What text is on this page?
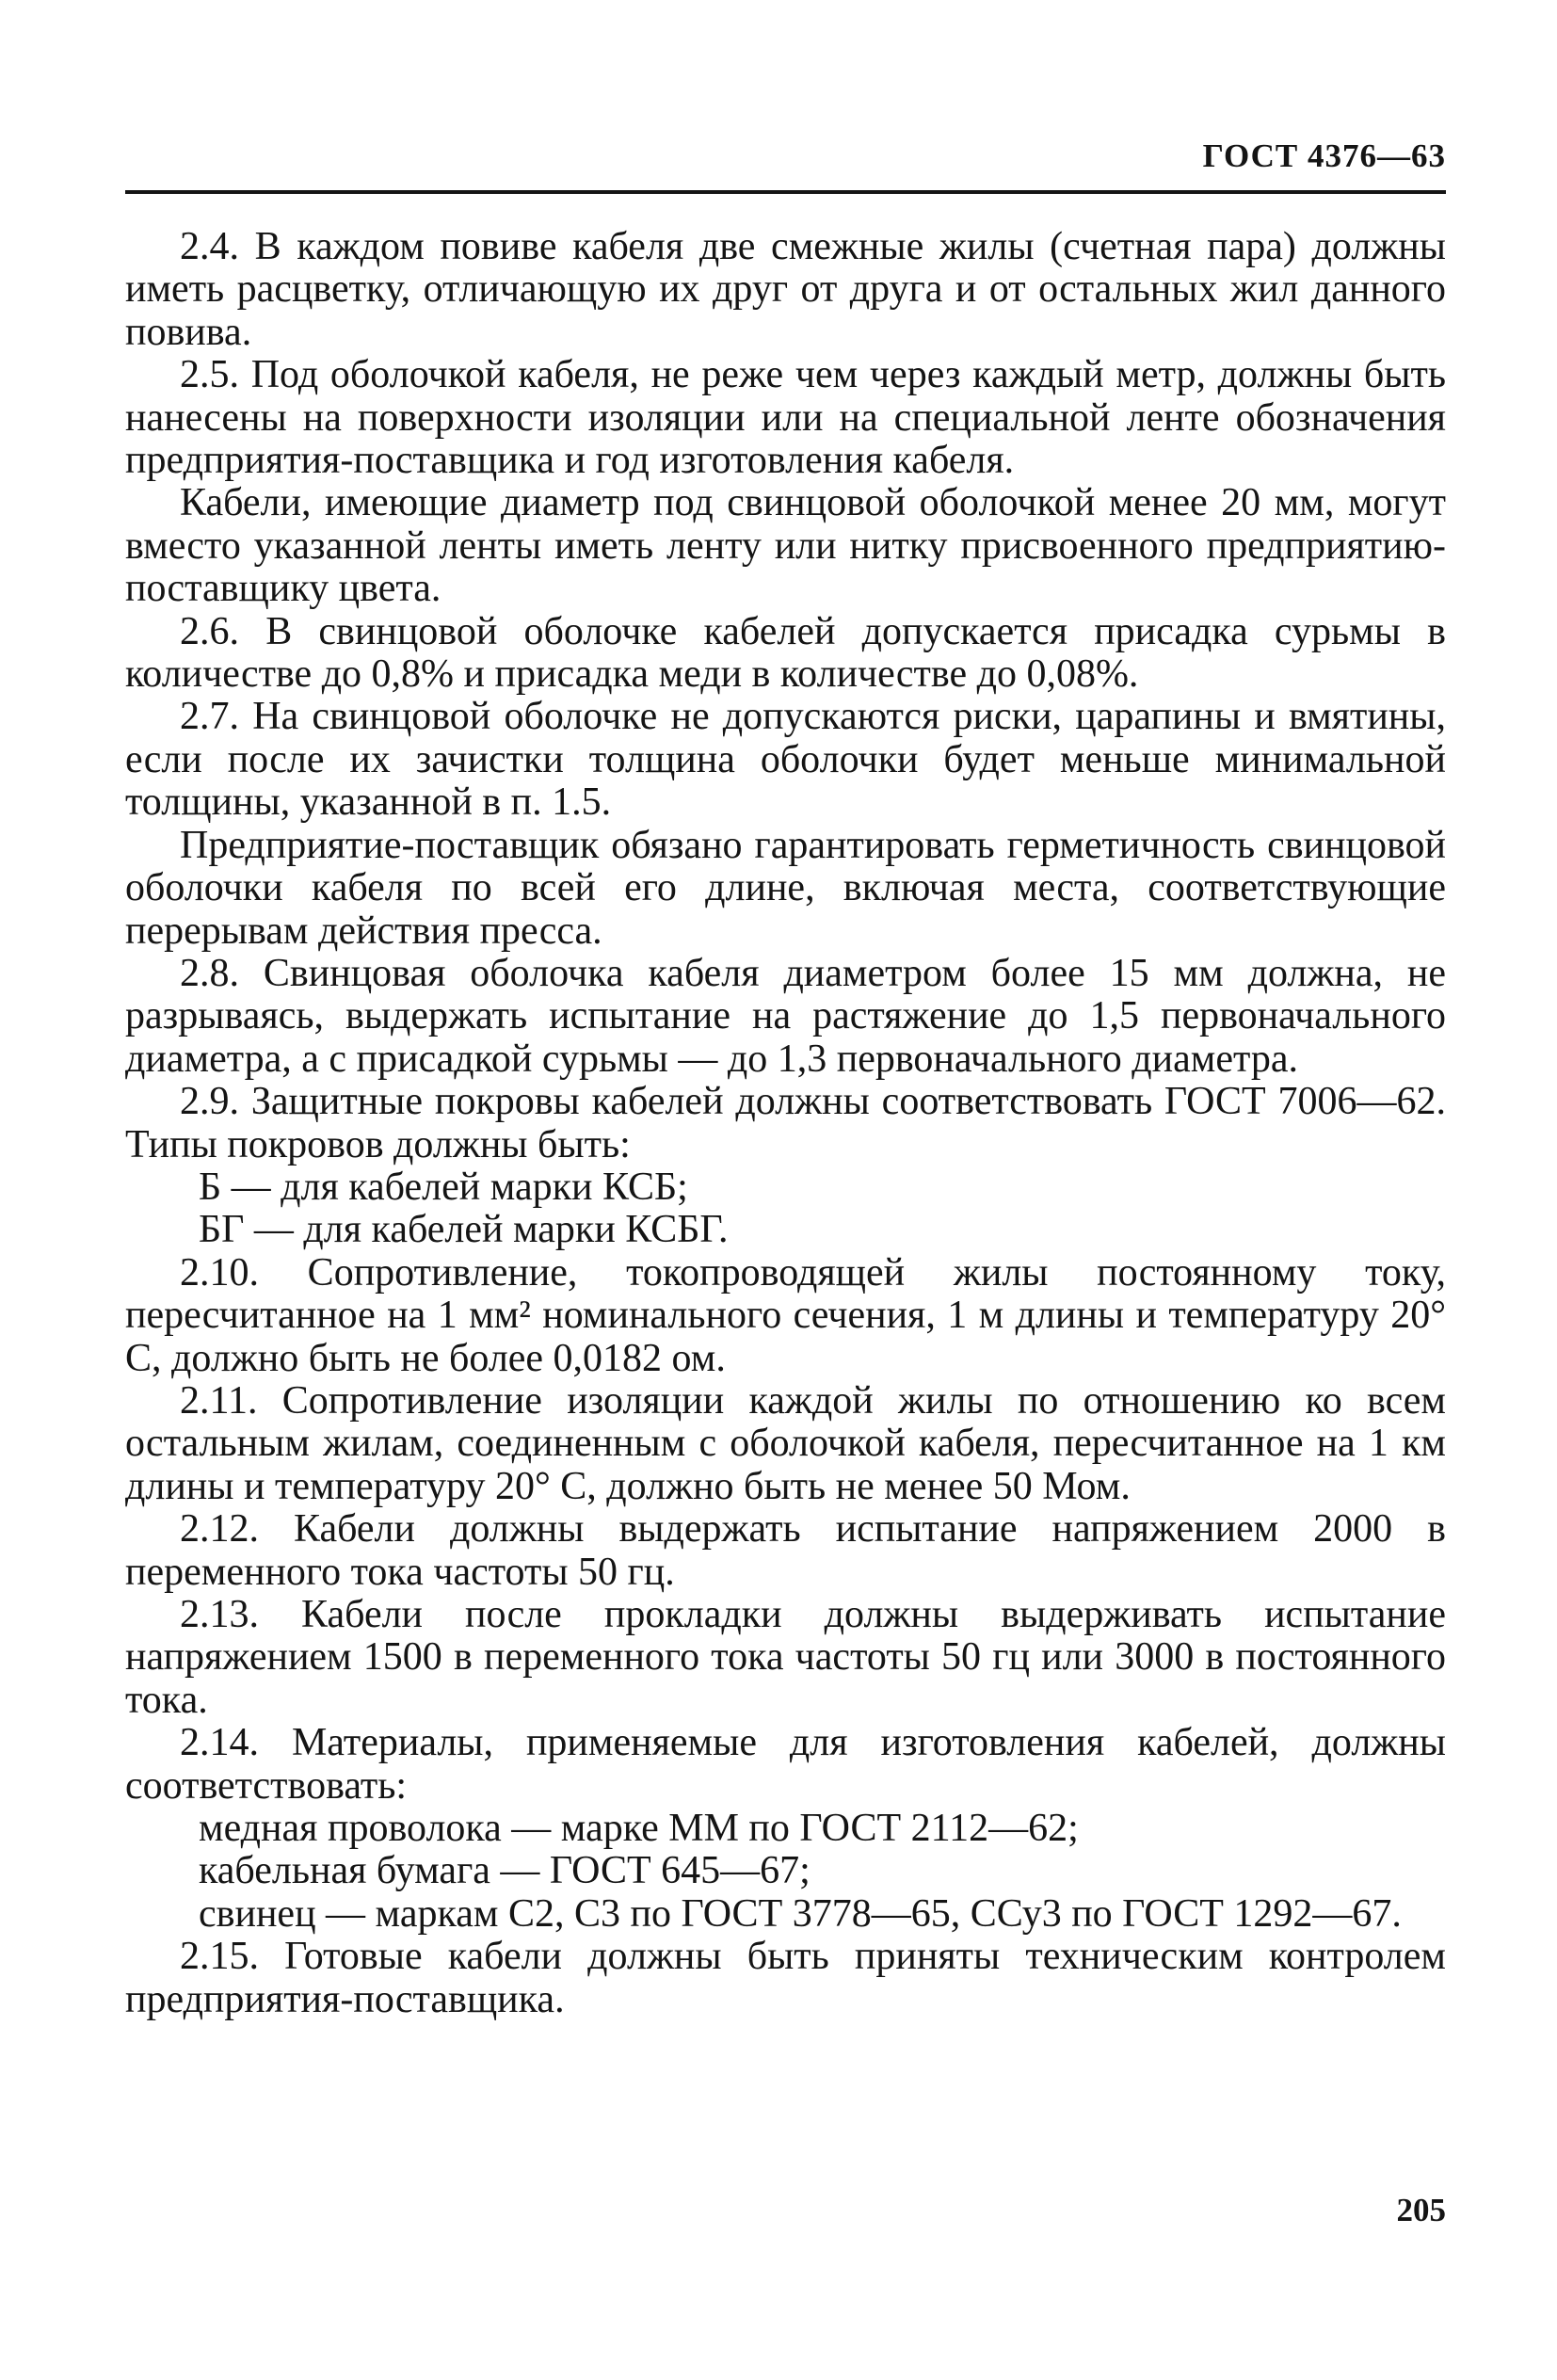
ГОСТ 4376—63

2.4. В каждом повиве кабеля две смежные жилы (счетная пара) должны иметь расцветку, отличающую их друг от друга и от остальных жил данного повива.

2.5. Под оболочкой кабеля, не реже чем через каждый метр, должны быть нанесены на поверхности изоляции или на специальной ленте обозначения предприятия-поставщика и год изготовления кабеля.

Кабели, имеющие диаметр под свинцовой оболочкой менее 20 мм, могут вместо указанной ленты иметь ленту или нитку присвоенного предприятию-поставщику цвета.

2.6. В свинцовой оболочке кабелей допускается присадка сурьмы в количестве до 0,8% и присадка меди в количестве до 0,08%.

2.7. На свинцовой оболочке не допускаются риски, царапины и вмятины, если после их зачистки толщина оболочки будет меньше минимальной толщины, указанной в п. 1.5.

Предприятие-поставщик обязано гарантировать герметичность свинцовой оболочки кабеля по всей его длине, включая места, соответствующие перерывам действия пресса.

2.8. Свинцовая оболочка кабеля диаметром более 15 мм должна, не разрываясь, выдержать испытание на растяжение до 1,5 первоначального диаметра, а с присадкой сурьмы — до 1,3 первоначального диаметра.

2.9. Защитные покровы кабелей должны соответствовать ГОСТ 7006—62. Типы покровов должны быть:

Б — для кабелей марки КСБ;

БГ — для кабелей марки КСБГ.

2.10. Сопротивление, токопроводящей жилы постоянному току, пересчитанное на 1 мм² номинального сечения, 1 м длины и температуру 20° С, должно быть не более 0,0182 ом.

2.11. Сопротивление изоляции каждой жилы по отношению ко всем остальным жилам, соединенным с оболочкой кабеля, пересчитанное на 1 км длины и температуру 20° С, должно быть не менее 50 Мом.

2.12. Кабели должны выдержать испытание напряжением 2000 в переменного тока частоты 50 гц.

2.13. Кабели после прокладки должны выдерживать испытание напряжением 1500 в переменного тока частоты 50 гц или 3000 в постоянного тока.

2.14. Материалы, применяемые для изготовления кабелей, должны соответствовать:

медная проволока — марке ММ по ГОСТ 2112—62;

кабельная бумага — ГОСТ 645—67;

свинец — маркам С2, С3 по ГОСТ 3778—65, ССу3 по ГОСТ 1292—67.

2.15. Готовые кабели должны быть приняты техническим контролем предприятия-поставщика.

205
